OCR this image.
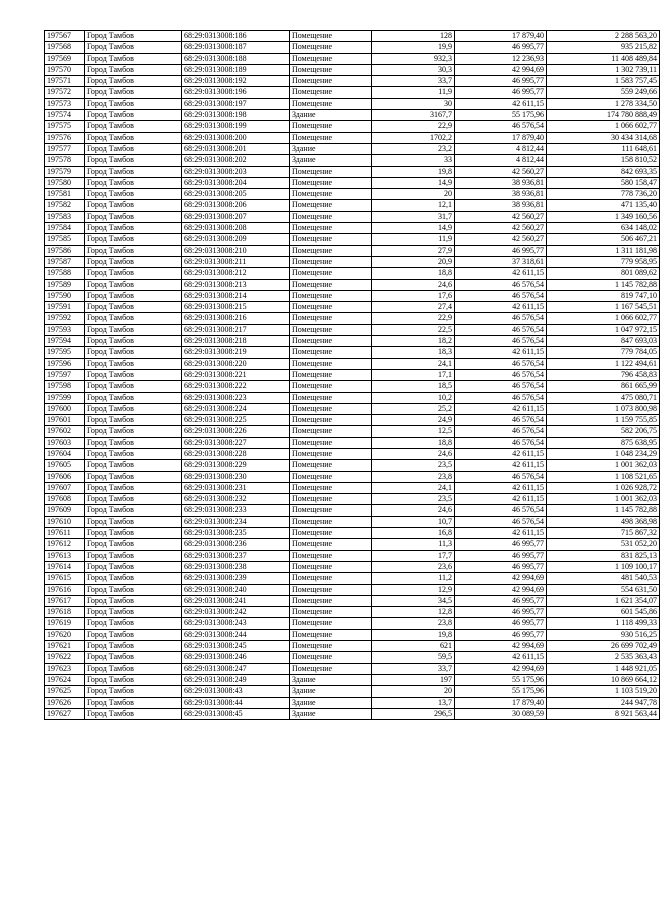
197567	Город Тамбов	68:29:0313008:186	Помещение	128	17 879,40	2 288 563,20
197568	Город Тамбов	68:29:0313008:187	Помещение	19,9	46 995,77	935 215,82
197569	Город Тамбов	68:29:0313008:188	Помещение	932,3	12 236,93	11 408 489,84
197570	Город Тамбов	68:29:0313008:189	Помещение	30,3	42 994,69	1 302 739,11
197571	Город Тамбов	68:29:0313008:192	Помещение	33,7	46 995,77	1 583 757,45
197572	Город Тамбов	68:29:0313008:196	Помещение	11,9	46 995,77	559 249,66
197573	Город Тамбов	68:29:0313008:197	Помещение	30	42 611,15	1 278 334,50
197574	Город Тамбов	68:29:0313008:198	Здание	3167,7	55 175,96	174 780 888,49
197575	Город Тамбов	68:29:0313008:199	Помещение	22,9	46 576,54	1 066 602,77
197576	Город Тамбов	68:29:0313008:200	Помещение	1702,2	17 879,40	30 434 314,68
197577	Город Тамбов	68:29:0313008:201	Здание	23,2	4 812,44	111 648,61
197578	Город Тамбов	68:29:0313008:202	Здание	33	4 812,44	158 810,52
197579	Город Тамбов	68:29:0313008:203	Помещение	19,8	42 560,27	842 693,35
197580	Город Тамбов	68:29:0313008:204	Помещение	14,9	38 936,81	580 158,47
197581	Город Тамбов	68:29:0313008:205	Помещение	20	38 936,81	778 736,20
197582	Город Тамбов	68:29:0313008:206	Помещение	12,1	38 936,81	471 135,40
197583	Город Тамбов	68:29:0313008:207	Помещение	31,7	42 560,27	1 349 160,56
197584	Город Тамбов	68:29:0313008:208	Помещение	14,9	42 560,27	634 148,02
197585	Город Тамбов	68:29:0313008:209	Помещение	11,9	42 560,27	506 467,21
197586	Город Тамбов	68:29:0313008:210	Помещение	27,9	46 995,77	1 311 181,98
197587	Город Тамбов	68:29:0313008:211	Помещение	20,9	37 318,61	779 958,95
197588	Город Тамбов	68:29:0313008:212	Помещение	18,8	42 611,15	801 089,62
197589	Город Тамбов	68:29:0313008:213	Помещение	24,6	46 576,54	1 145 782,88
197590	Город Тамбов	68:29:0313008:214	Помещение	17,6	46 576,54	819 747,10
197591	Город Тамбов	68:29:0313008:215	Помещение	27,4	42 611,15	1 167 545,51
197592	Город Тамбов	68:29:0313008:216	Помещение	22,9	46 576,54	1 066 602,77
197593	Город Тамбов	68:29:0313008:217	Помещение	22,5	46 576,54	1 047 972,15
197594	Город Тамбов	68:29:0313008:218	Помещение	18,2	46 576,54	847 693,03
197595	Город Тамбов	68:29:0313008:219	Помещение	18,3	42 611,15	779 784,05
197596	Город Тамбов	68:29:0313008:220	Помещение	24,1	46 576,54	1 122 494,61
197597	Город Тамбов	68:29:0313008:221	Помещение	17,1	46 576,54	796 458,83
197598	Город Тамбов	68:29:0313008:222	Помещение	18,5	46 576,54	861 665,99
197599	Город Тамбов	68:29:0313008:223	Помещение	10,2	46 576,54	475 080,71
197600	Город Тамбов	68:29:0313008:224	Помещение	25,2	42 611,15	1 073 800,98
197601	Город Тамбов	68:29:0313008:225	Помещение	24,9	46 576,54	1 159 755,85
197602	Город Тамбов	68:29:0313008:226	Помещение	12,5	46 576,54	582 206,75
197603	Город Тамбов	68:29:0313008:227	Помещение	18,8	46 576,54	875 638,95
197604	Город Тамбов	68:29:0313008:228	Помещение	24,6	42 611,15	1 048 234,29
197605	Город Тамбов	68:29:0313008:229	Помещение	23,5	42 611,15	1 001 362,03
197606	Город Тамбов	68:29:0313008:230	Помещение	23,8	46 576,54	1 108 521,65
197607	Город Тамбов	68:29:0313008:231	Помещение	24,1	42 611,15	1 026 928,72
197608	Город Тамбов	68:29:0313008:232	Помещение	23,5	42 611,15	1 001 362,03
197609	Город Тамбов	68:29:0313008:233	Помещение	24,6	46 576,54	1 145 782,88
197610	Город Тамбов	68:29:0313008:234	Помещение	10,7	46 576,54	498 368,98
197611	Город Тамбов	68:29:0313008:235	Помещение	16,8	42 611,15	715 867,32
197612	Город Тамбов	68:29:0313008:236	Помещение	11,3	46 995,77	531 052,20
197613	Город Тамбов	68:29:0313008:237	Помещение	17,7	46 995,77	831 825,13
197614	Город Тамбов	68:29:0313008:238	Помещение	23,6	46 995,77	1 109 100,17
197615	Город Тамбов	68:29:0313008:239	Помещение	11,2	42 994,69	481 540,53
197616	Город Тамбов	68:29:0313008:240	Помещение	12,9	42 994,69	554 631,50
197617	Город Тамбов	68:29:0313008:241	Помещение	34,5	46 995,77	1 621 354,07
197618	Город Тамбов	68:29:0313008:242	Помещение	12,8	46 995,77	601 545,86
197619	Город Тамбов	68:29:0313008:243	Помещение	23,8	46 995,77	1 118 499,33
197620	Город Тамбов	68:29:0313008:244	Помещение	19,8	46 995,77	930 516,25
197621	Город Тамбов	68:29:0313008:245	Помещение	621	42 994,69	26 699 702,49
197622	Город Тамбов	68:29:0313008:246	Помещение	59,5	42 611,15	2 535 363,43
197623	Город Тамбов	68:29:0313008:247	Помещение	33,7	42 994,69	1 448 921,05
197624	Город Тамбов	68:29:0313008:249	Здание	197	55 175,96	10 869 664,12
197625	Город Тамбов	68:29:0313008:43	Здание	20	55 175,96	1 103 519,20
197626	Город Тамбов	68:29:0313008:44	Здание	13,7	17 879,40	244 947,78
197627	Город Тамбов	68:29:0313008:45	Здание	296,5	30 089,59	8 921 563,44
